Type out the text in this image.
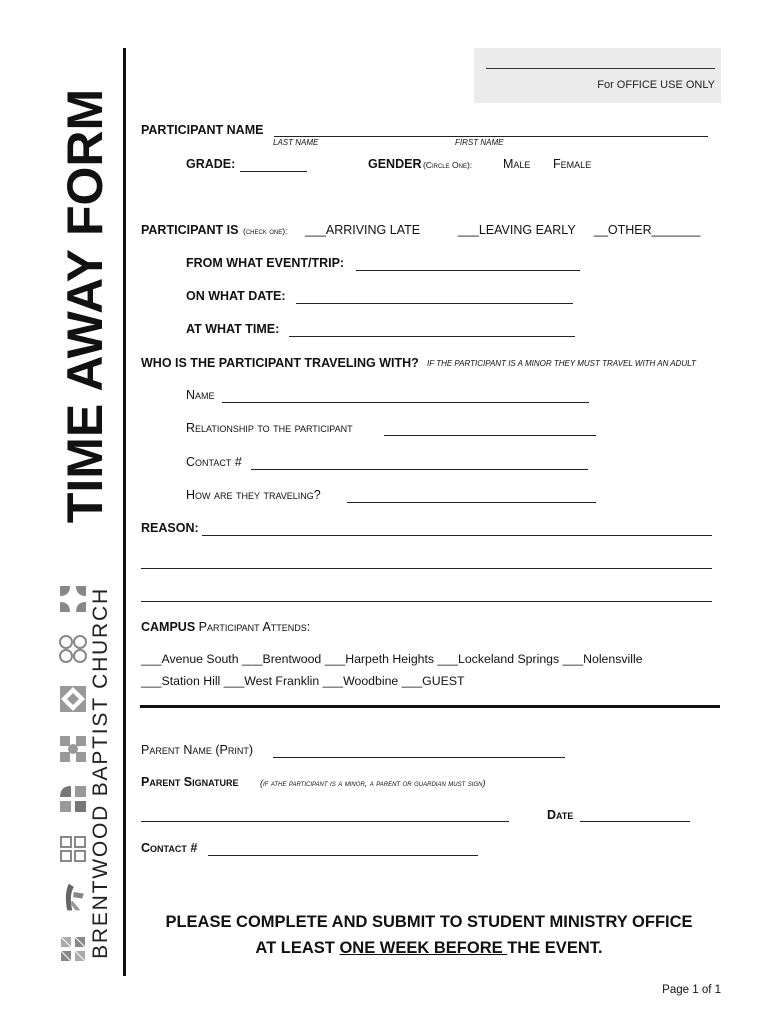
TIME AWAY FORM
BRENTWOOD BAPTIST CHURCH
For OFFICE USE ONLY
PARTICIPANT NAME
LAST NAME	FIRST NAME
GRADE:	GENDER (Circle One): Male Female
PARTICIPANT IS (check one): ___ARRIVING LATE	___LEAVING EARLY __OTHER_______
FROM WHAT EVENT/TRIP:
ON WHAT DATE:
AT WHAT TIME:
WHO IS THE PARTICIPANT TRAVELING WITH? IF THE PARTICIPANT IS A MINOR THEY MUST TRAVEL WITH AN ADULT
Name
Relationship to the participant
Contact #
How are they traveling?
REASON:
CAMPUS Participant Attends:
___Avenue South ___Brentwood ___Harpeth Heights ___Lockeland Springs ___Nolensville
___Station Hill ___West Franklin ___Woodbine ___GUEST
Parent Name (Print)
Parent Signature (if athe participant is a minor, a parent or guardian must sign)
Date
Contact #
PLEASE COMPLETE AND SUBMIT TO STUDENT MINISTRY OFFICE
AT LEAST ONE WEEK BEFORE THE EVENT.
Page 1 of 1
